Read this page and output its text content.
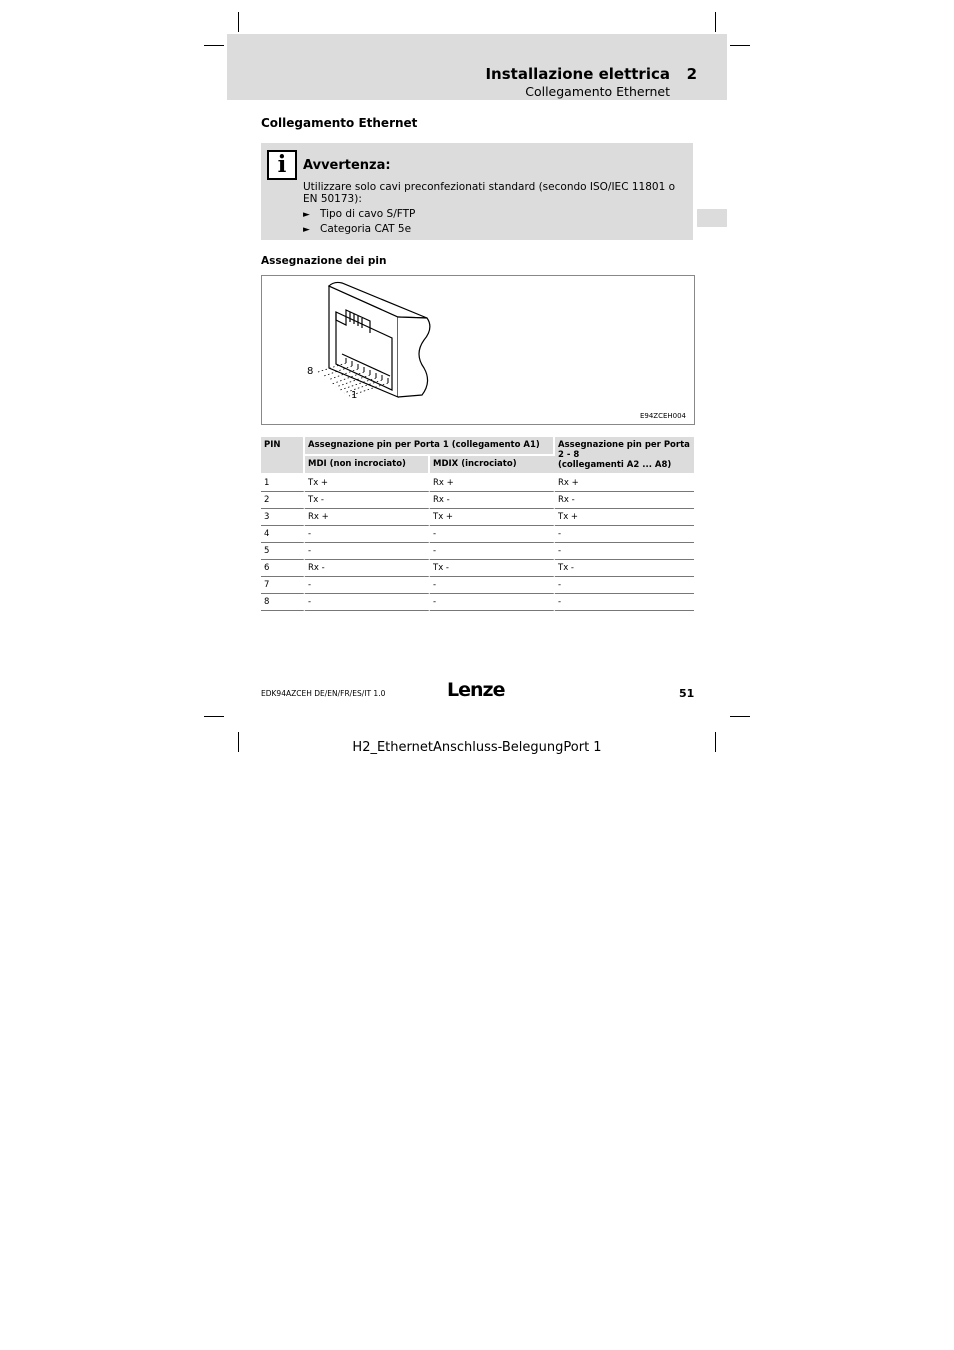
Installazione elettrica 2
Collegamento Ethernet
Collegamento Ethernet
i	Avvertenza:
Utilizzare solo cavi preconfezionati standard (secondo ISO/IEC 11801 o EN 50173):
► Tipo di cavo S/FTP
► Categoria CAT 5e
Assegnazione dei pin
8
1
E94ZCEH004
PIN	Assegnazione pin per Porta 1 (collegamento A1)		Assegnazione pin per Porta 2 - 8
(collegamenti A2 ... A8)
	MDI (non incrociato)	MDIX (incrociato)	
1	Tx +	Rx +	Rx +
2	Tx -	Rx -	Rx -
3	Rx +	Tx +	Tx +
4	-	-	-
5	-	-	-
6	Rx -	Tx -	Tx -
7	-	-	-
8	-	-	-
EDK94AZCEH DE/EN/FR/ES/IT 1.0	Lenze	51
H2_EthernetAnschluss-BelegungPort 1
